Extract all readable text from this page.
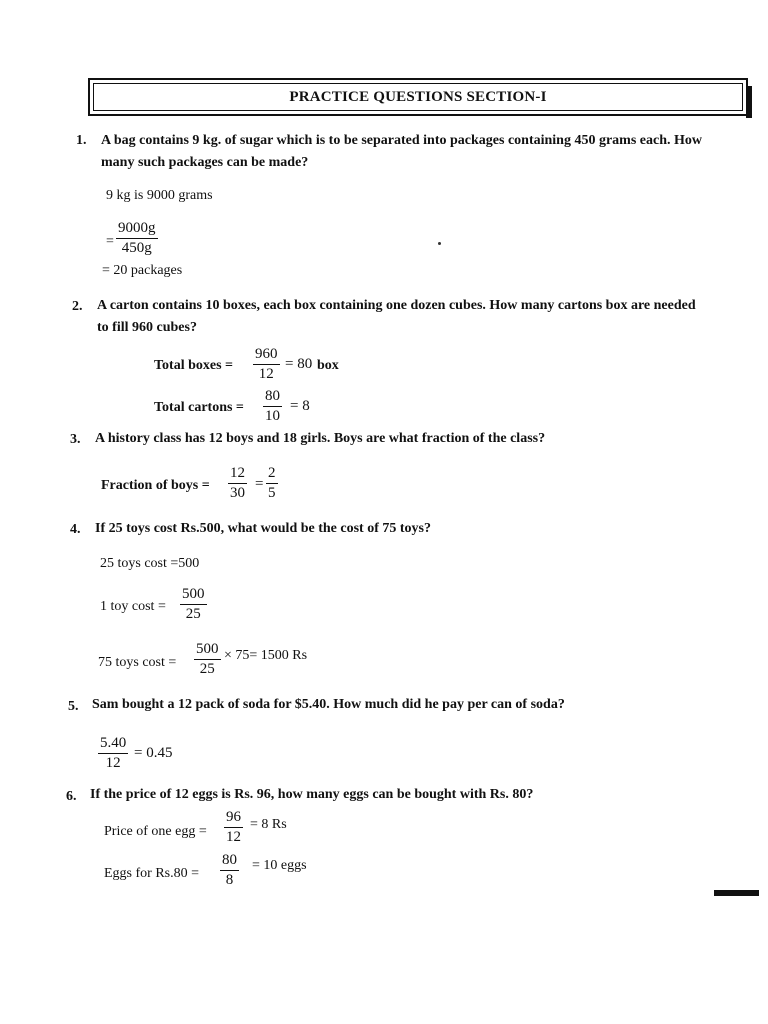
PRACTICE QUESTIONS SECTION-I
1. A bag contains 9 kg. of sugar which is to be separated into packages containing 450 grams each. How
many such packages can be made?
9 kg is 9000 grams
= $\frac{9000g}{450g}$
= 20 packages
2. A carton contains 10 boxes, each box containing one dozen cubes. How many cartons box are needed
to fill 960 cubes?
Total boxes = $\frac{960}{12} = 80$ box
Total cartons = $\frac{80}{10} = 8$
3. A history class has 12 boys and 18 girls. Boys are what fraction of the class?
Fraction of boys = $\frac{12}{30} = \frac{2}{5}$
4. If 25 toys cost Rs.500, what would be the cost of 75 toys?
25 toys cost =500
1 toy $\cos t = \frac{500}{25}$
75 toys $\cos t = \frac{500}{25} \times 75= 1500$ Rs
5. Sam bought a 12 pack of soda for $5.40. How much did he pay per can of soda?
$\frac{5.40}{12} = 0.45$
6. If the price of 12 eggs is Rs. 96, how many eggs can be bought with Rs. 80?
Price of one egg = $\frac{96}{12} = 8$ Rs
Eggs for $Rs.80 = \frac{80}{8} = 10$ eggs
